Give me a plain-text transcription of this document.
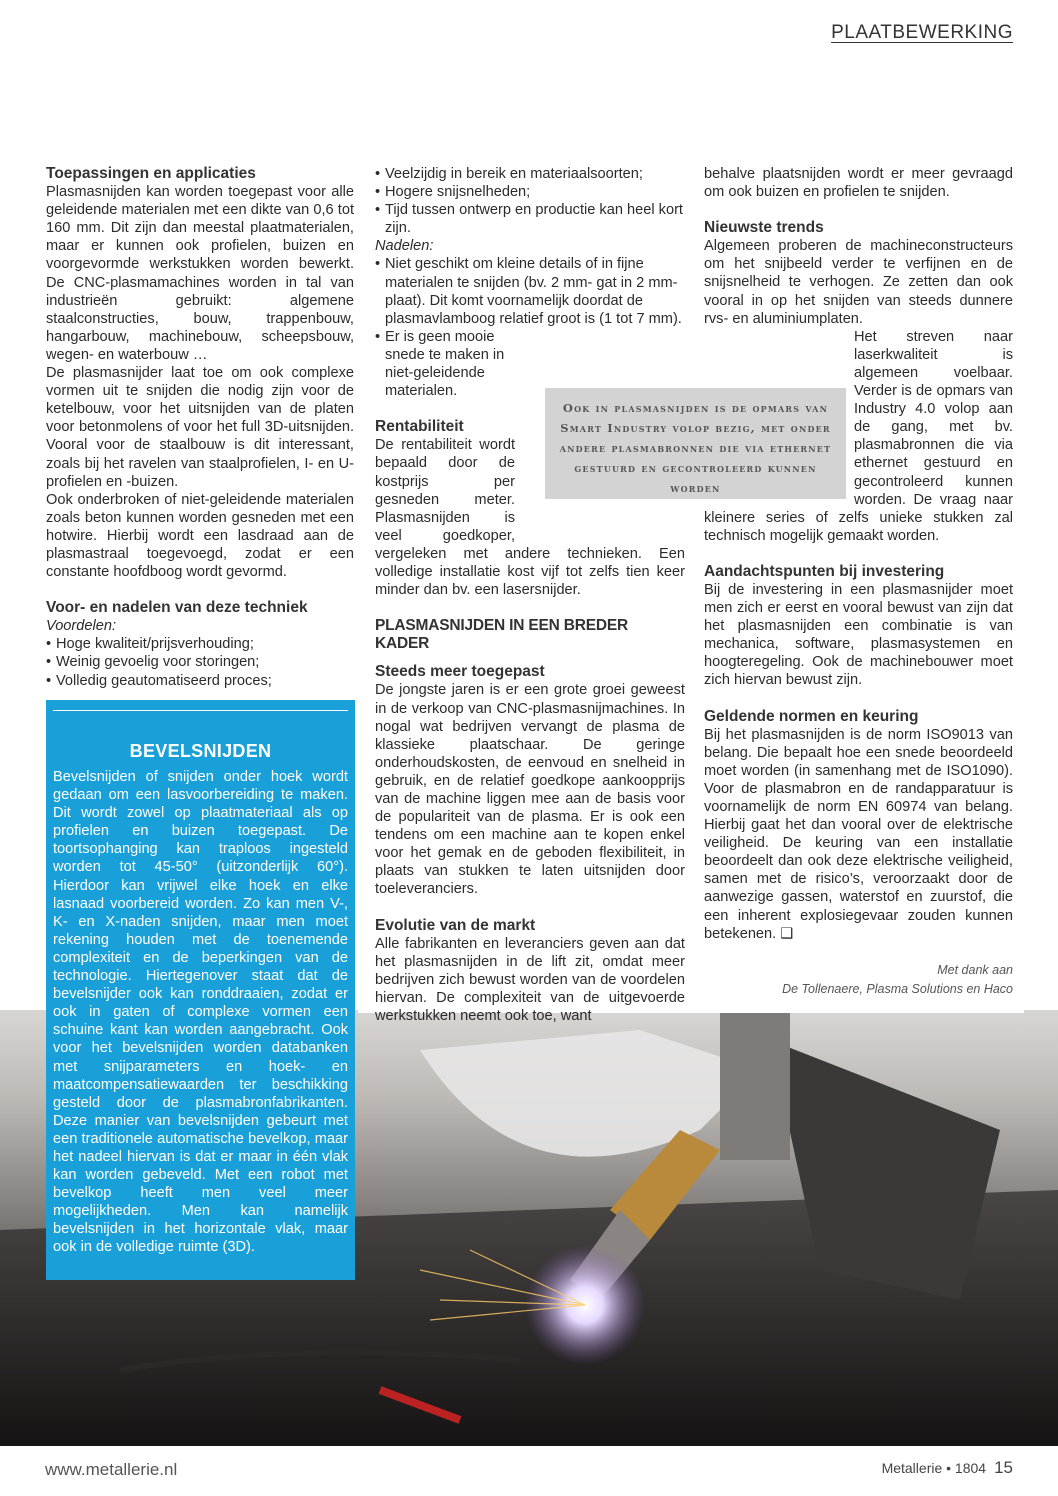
PLAATBEWERKING
Toepassingen en applicaties

Plasmasnijden kan worden toegepast voor alle geleidende materialen met een dikte van 0,6 tot 160 mm. Dit zijn dan meestal plaatmaterialen, maar er kunnen ook profielen, buizen en voorgevormde werkstukken worden bewerkt. De CNC-plasmamachines worden in tal van industrieën gebruikt: algemene staalconstructies, bouw, trappenbouw, hangarbouw, machinebouw, scheepsbouw, wegen- en waterbouw …

De plasmasnijder laat toe om ook complexe vormen uit te snijden die nodig zijn voor de ketelbouw, voor het uitsnijden van de platen voor betonmolens of voor het full 3D-uitsnijden. Vooral voor de staalbouw is dit interessant, zoals bij het ravelen van staalprofielen, I- en U-profielen en -buizen.

Ook onderbroken of niet-geleidende materialen zoals beton kunnen worden gesneden met een hotwire. Hierbij wordt een lasdraad aan de plasmastraal toegevoegd, zodat er een constante hoofdboog wordt gevormd.

Voor- en nadelen van deze techniek
Voordelen:
• Hoge kwaliteit/prijsverhouding;
• Weinig gevoelig voor storingen;
• Volledig geautomatiseerd proces;
BEVELSNIJDEN

Bevelsnijden of snijden onder hoek wordt gedaan om een lasvoorbereiding te maken. Dit wordt zowel op plaatmateriaal als op profielen en buizen toegepast. De toortsophanging kan traploos ingesteld worden tot 45-50° (uitzonderlijk 60°). Hierdoor kan vrijwel elke hoek en elke lasnaad voorbereid worden. Zo kan men V-, K- en X-naden snijden, maar men moet rekening houden met de toenemende complexiteit en de beperkingen van de technologie. Hiertegenover staat dat de bevelsnijder ook kan ronddraaien, zodat er ook in gaten of complexe vormen een schuine kant kan worden aangebracht. Ook voor het bevelsnijden worden databanken met snijparameters en hoek- en maatcompensatiewaarden ter beschikking gesteld door de plasmabronfabrikanten. Deze manier van bevelsnijden gebeurt met een traditionele automatische bevelkop, maar het nadeel hiervan is dat er maar in één vlak kan worden gebeveld. Met een robot met bevelkop heeft men veel meer mogelijkheden. Men kan namelijk bevelsnijden in het horizontale vlak, maar ook in de volledige ruimte (3D).

• Veelzijdig in bereik en materiaalsoorten;
• Hogere snijsnelheden;
• Tijd tussen ontwerp en productie kan heel kort zijn.
Nadelen:
• Niet geschikt om kleine details of in fijne materialen te snijden (bv. 2 mm- gat in 2 mm-plaat). Dit komt voornamelijk doordat de plasmavlamboog relatief groot is (1 tot 7 mm).
• Er is geen mooie snede te maken in niet-geleidende materialen.
Rentabiliteit

De rentabiliteit wordt bepaald door de kostprijs per gesneden meter. Plasmasnijden is veel goedkoper, vergeleken met andere technieken. Een volledige installatie kost vijf tot zelfs tien keer minder dan bv. een lasersnijder.

PLASMASNIJDEN IN EEN BREDER KADER
Steeds meer toegepast

De jongste jaren is er een grote groei geweest in de verkoop van CNC-plasmasnijmachines. In nogal wat bedrijven vervangt de plasma de klassieke plaatschaar. De geringe onderhoudskosten, de eenvoud en snelheid in gebruik, en de relatief goedkope aankoopprijs van de machine liggen mee aan de basis voor de populariteit van de plasma. Er is ook een tendens om een machine aan te kopen enkel voor het gemak en de geboden flexibiliteit, in plaats van stukken te laten uitsnijden door toeleveranciers.

Evolutie van de markt

Alle fabrikanten en leveranciers geven aan dat het plasmasnijden in de lift zit, omdat meer bedrijven zich bewust worden van de voordelen hiervan. De complexiteit van de uitgevoerde werkstukken neemt ook toe, want

behalve plaatsnijden wordt er meer gevraagd om ook buizen en profielen te snijden.

Nieuwste trends

Algemeen proberen de machineconstructeurs om het snijbeeld verder te verfijnen en de snijsnelheid te verhogen. Ze zetten dan ook vooral in op het snijden van steeds dunnere rvs- en aluminiumplaten.

Het streven naar laserkwaliteit is algemeen voelbaar. Verder is de opmars van Industry 4.0 volop aan de gang, met bv. plasmabronnen die via ethernet gestuurd en gecontroleerd kunnen worden. De vraag naar kleinere series of zelfs unieke stukken zal technisch mogelijk gemaakt worden.

Aandachtspunten bij investering

Bij de investering in een plasmasnijder moet men zich er eerst en vooral bewust van zijn dat het plasmasnijden een combinatie is van mechanica, software, plasmasystemen en hoogteregeling. Ook de machinebouwer moet zich hiervan bewust zijn.

Geldende normen en keuring

Bij het plasmasnijden is de norm ISO9013 van belang. Die bepaalt hoe een snede beoordeeld moet worden (in samenhang met de ISO1090). Voor de plasmabron en de randapparatuur is voornamelijk de norm EN 60974 van belang. Hierbij gaat het dan vooral over de elektrische veiligheid. De keuring van een installatie beoordeelt dan ook deze elektrische veiligheid, samen met de risico’s, veroorzaakt door de aanwezige gassen, waterstof en zuurstof, die een inherent explosiegevaar zouden kunnen betekenen. ❑

Met dank aan
De Tollenaere, Plasma Solutions en Haco
Ook in plasmasnijden is de opmars van Smart Industry volop bezig, met onder andere plasmabronnen die via ethernet gestuurd en gecontroleerd kunnen worden
www.metallerie.nl	Metallerie • 1804 15
